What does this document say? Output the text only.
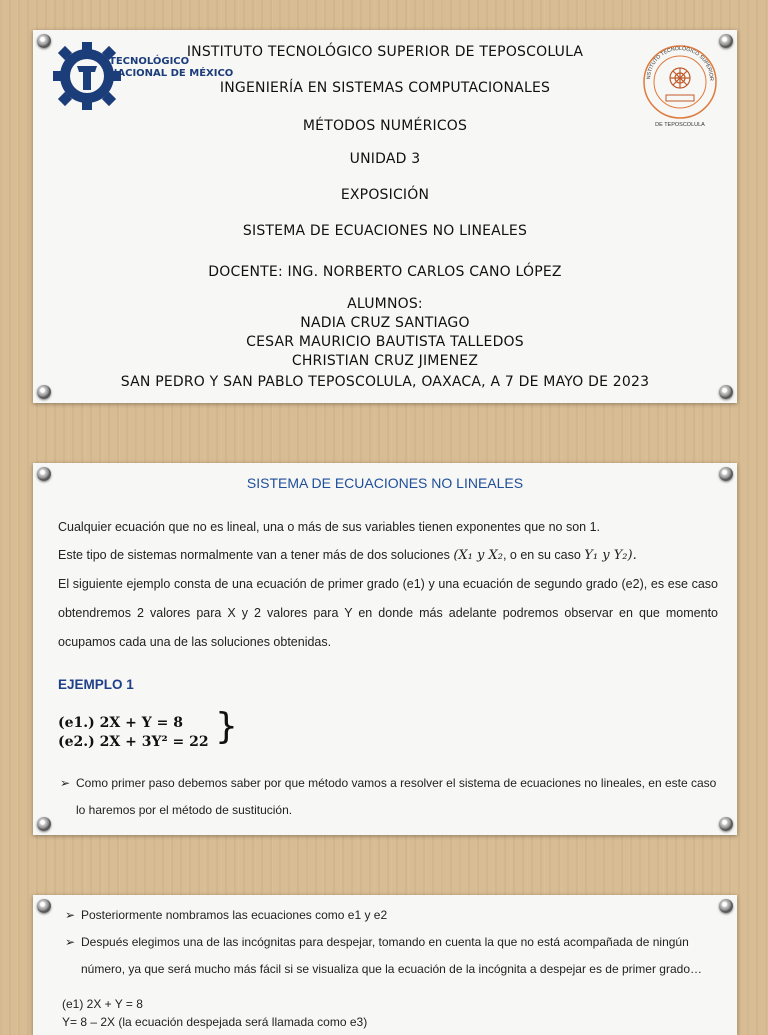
TECNOLÓGICO
NACIONAL DE MÉXICO	NSTITUTO TECNOLÓGICO SUPERIOR
DE TEPOSCOLULA
INSTITUTO TECNOLÓGICO SUPERIOR DE TEPOSCOLULA
INGENIERÍA EN SISTEMAS COMPUTACIONALES
MÉTODOS NUMÉRICOS
UNIDAD 3
EXPOSICIÓN
SISTEMA DE ECUACIONES NO LINEALES
DOCENTE: ING. NORBERTO CARLOS CANO LÓPEZ
ALUMNOS:
NADIA CRUZ SANTIAGO
CESAR MAURICIO BAUTISTA TALLEDOS
CHRISTIAN CRUZ JIMENEZ
SAN PEDRO Y SAN PABLO TEPOSCOLULA, OAXACA, A 7 DE MAYO DE 2023
SISTEMA DE ECUACIONES NO LINEALES
Cualquier ecuación que no es lineal, una o más de sus variables tienen exponentes que no son 1.
Este tipo de sistemas normalmente van a tener más de dos soluciones (X₁ y X₂, o en su caso Y₁ y Y₂).
El siguiente ejemplo consta de una ecuación de primer grado (e1) y una ecuación de segundo grado (e2), es ese caso obtendremos 2 valores para X y 2 valores para Y en donde más adelante podremos observar en que momento ocupamos cada una de las soluciones obtenidas.
EJEMPLO 1
(e1.) 2X + Y = 8
(e2.) 2X + 3Y² = 22 }
➢ Como primer paso debemos saber por que método vamos a resolver el sistema de ecuaciones no lineales, en este caso
lo haremos por el método de sustitución.
➢ Posteriormente nombramos las ecuaciones como e1 y e2
➢ Después elegimos una de las incógnitas para despejar, tomando en cuenta la que no está acompañada de ningún
número, ya que será mucho más fácil si se visualiza que la ecuación de la incógnita a despejar es de primer grado…
(e1) 2X + Y = 8
Y= 8 – 2X (la ecuación despejada será llamada como e3)
